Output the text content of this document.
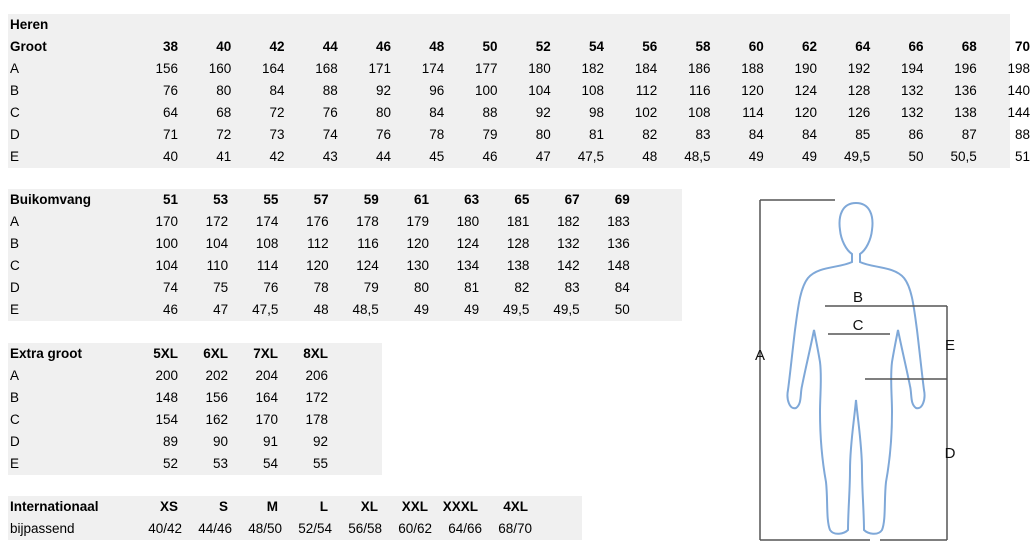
Heren
Groot	38	40	42	44	46	48	50	52	54	56	58	60	62	64	66	68	70
A	156	160	164	168	171	174	177	180	182	184	186	188	190	192	194	196	198
B	76	80	84	88	92	96	100	104	108	112	116	120	124	128	132	136	140
C	64	68	72	76	80	84	88	92	98	102	108	114	120	126	132	138	144
D	71	72	73	74	76	78	79	80	81	82	83	84	84	85	86	87	88
E	40	41	42	43	44	45	46	47	47,5	48	48,5	49	49	49,5	50	50,5	51
Buikomvang	51	53	55	57	59	61	63	65	67	69
A	170	172	174	176	178	179	180	181	182	183
B	100	104	108	112	116	120	124	128	132	136
C	104	110	114	120	124	130	134	138	142	148
D	74	75	76	78	79	80	81	82	83	84
E	46	47	47,5	48	48,5	49	49	49,5	49,5	50
Extra groot	5XL	6XL	7XL	8XL
A	200	202	204	206
B	148	156	164	172
C	154	162	170	178
D	89	90	91	92
E	52	53	54	55
Internationaal	XS	S	M	L	XL	XXL	XXXL	4XL
bijpassend	40/42	44/46	48/50	52/54	56/58	60/62	64/66	68/70
A
B
C
D
E
